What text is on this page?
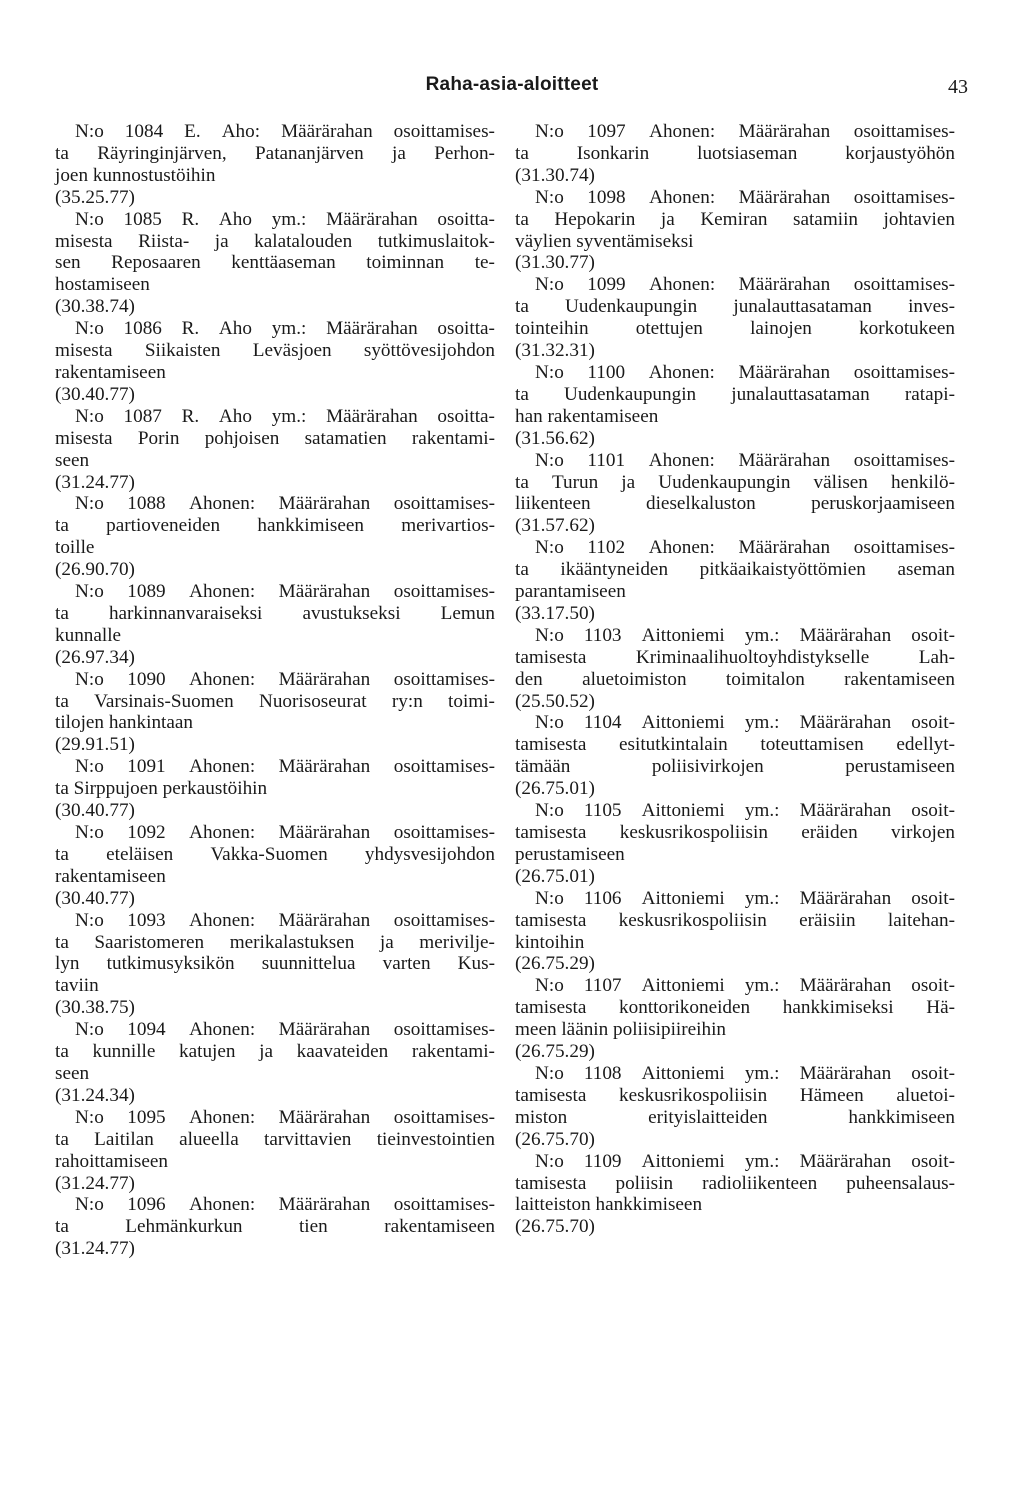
Raha-asia-aloitteet	43
N:o 1084 E. Aho: Määrärahan osoittamises-
ta Räyringinjärven, Patananjärven ja Perhon-
joen kunnostustöihin
(35.25.77)
N:o 1085 R. Aho ym.: Määrärahan osoitta-
misesta Riista- ja kalatalouden tutkimuslaitok-
sen Reposaaren kenttäaseman toiminnan te-
hostamiseen
(30.38.74)
N:o 1086 R. Aho ym.: Määrärahan osoitta-
misesta Siikaisten Leväsjoen syöttövesijohdon
rakentamiseen
(30.40.77)
N:o 1087 R. Aho ym.: Määrärahan osoitta-
misesta Porin pohjoisen satamatien rakentami-
seen
(31.24.77)
N:o 1088 Ahonen: Määrärahan osoittamises-
ta partioveneiden hankkimiseen merivartios-
toille
(26.90.70)
N:o 1089 Ahonen: Määrärahan osoittamises-
ta harkinnanvaraiseksi avustukseksi Lemun
kunnalle
(26.97.34)
N:o 1090 Ahonen: Määrärahan osoittamises-
ta Varsinais-Suomen Nuorisoseurat ry:n toimi-
tilojen hankintaan
(29.91.51)
N:o 1091 Ahonen: Määrärahan osoittamises-
ta Sirppujoen perkaustöihin
(30.40.77)
N:o 1092 Ahonen: Määrärahan osoittamises-
ta eteläisen Vakka-Suomen yhdysvesijohdon
rakentamiseen
(30.40.77)
N:o 1093 Ahonen: Määrärahan osoittamises-
ta Saaristomeren merikalastuksen ja merivilje-
lyn tutkimusyksikön suunnittelua varten Kus-
taviin
(30.38.75)
N:o 1094 Ahonen: Määrärahan osoittamises-
ta kunnille katujen ja kaavateiden rakentami-
seen
(31.24.34)
N:o 1095 Ahonen: Määrärahan osoittamises-
ta Laitilan alueella tarvittavien tieinvestointien
rahoittamiseen
(31.24.77)
N:o 1096 Ahonen: Määrärahan osoittamises-
ta	Lehmänkurkun	tien	rakentamiseen
(31.24.77)
N:o 1097 Ahonen: Määrärahan osoittamises-
ta Isonkarin luotsiaseman korjaustyöhön
(31.30.74)
N:o 1098 Ahonen: Määrärahan osoittamises-
ta Hepokarin ja Kemiran satamiin johtavien
väylien syventämiseksi
(31.30.77)
N:o 1099 Ahonen: Määrärahan osoittamises-
ta Uudenkaupungin junalauttasataman inves-
tointeihin otettujen lainojen korkotukeen
(31.32.31)
N:o 1100 Ahonen: Määrärahan osoittamises-
ta Uudenkaupungin junalauttasataman ratapi-
han rakentamiseen
(31.56.62)
N:o 1101 Ahonen: Määrärahan osoittamises-
ta Turun ja Uudenkaupungin välisen henkilö-
liikenteen	dieselkaluston	peruskorjaamiseen
(31.57.62)
N:o 1102 Ahonen: Määrärahan osoittamises-
ta ikääntyneiden pitkäaikaistyöttömien aseman
parantamiseen
(33.17.50)
N:o 1103 Aittoniemi ym.: Määrärahan osoit-
tamisesta	Kriminaalihuoltoyhdistykselle	Lah-
den aluetoimiston toimitalon rakentamiseen
(25.50.52)
N:o 1104 Aittoniemi ym.: Määrärahan osoit-
tamisesta esitutkintalain toteuttamisen edellyt-
tämään	poliisivirkojen	perustamiseen
(26.75.01)
N:o 1105 Aittoniemi ym.: Määrärahan osoit-
tamisesta keskusrikospoliisin eräiden virkojen
perustamiseen
(26.75.01)
N:o 1106 Aittoniemi ym.: Määrärahan osoit-
tamisesta keskusrikospoliisin eräisiin laitehan-
kintoihin
(26.75.29)
N:o 1107 Aittoniemi ym.: Määrärahan osoit-
tamisesta konttorikoneiden hankkimiseksi Hä-
meen läänin poliisipiireihin
(26.75.29)
N:o 1108 Aittoniemi ym.: Määrärahan osoit-
tamisesta keskusrikospoliisin Hämeen aluetoi-
miston	erityislaitteiden	hankkimiseen
(26.75.70)
N:o 1109 Aittoniemi ym.: Määrärahan osoit-
tamisesta poliisin radioliikenteen puheensalaus-
laitteiston hankkimiseen
(26.75.70)
